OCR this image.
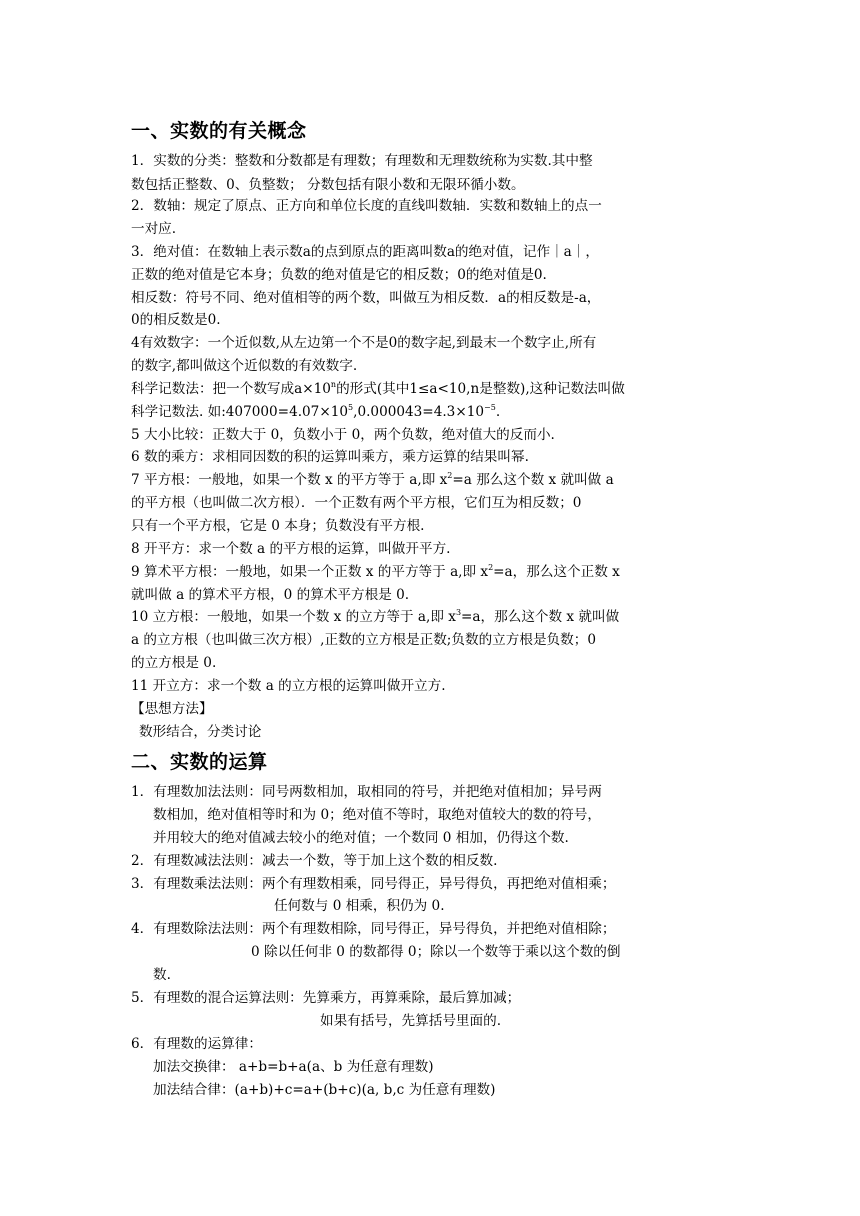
一、实数的有关概念
1．实数的分类：整数和分数都是有理数；有理数和无理数统称为实数.其中整
数包括正整数、0、负整数； 分数包括有限小数和无限环循小数。
2．数轴：规定了原点、正方向和单位长度的直线叫数轴．实数和数轴上的点一
一对应.
3．绝对值：在数轴上表示数a的点到原点的距离叫数a的绝对值，记作｜a｜，
正数的绝对值是它本身；负数的绝对值是它的相反数；0的绝对值是0.
相反数：符号不同、绝对值相等的两个数，叫做互为相反数．a的相反数是-a，
0的相反数是0.
4有效数字：一个近似数,从左边第一个不是0的数字起,到最末一个数字止,所有
的数字,都叫做这个近似数的有效数字.
科学记数法：把一个数写成$a\times 10^n$的形式(其中1≤a<10,n是整数),这种记数法叫做
科学记数法. 如$:407000=4.07\times 10^5,0.000043=4.3\times 10^{-5}$.
5 大小比较：正数大于 0，负数小于 0，两个负数，绝对值大的反而小.
6 数的乘方：求相同因数的积的运算叫乘方，乘方运算的结果叫幂.
7 平方根：一般地，如果一个数 x 的平方等于 a,即 $x^2=a$ 那么这个数 x 就叫做 a
的平方根（也叫做二次方根）．一个正数有两个平方根，它们互为相反数；0
只有一个平方根，它是 0 本身；负数没有平方根.
8 开平方：求一个数 a 的平方根的运算，叫做开平方.
9 算术平方根：一般地，如果一个正数 x 的平方等于 a,即 $x^2=a$，那么这个正数 x
就叫做 a 的算术平方根，0 的算术平方根是 0.
10 立方根：一般地，如果一个数 x 的立方等于 a,即 $x^3=a$，那么这个数 x 就叫做
a 的立方根（也叫做三次方根）,正数的立方根是正数;负数的立方根是负数；0
的立方根是 0.
11 开立方：求一个数 a 的立方根的运算叫做开立方.
【思想方法】
数形结合，分类讨论
二、实数的运算
1．有理数加法法则：同号两数相加，取相同的符号，并把绝对值相加；异号两
数相加，绝对值相等时和为 0；绝对值不等时，取绝对值较大的数的符号，
并用较大的绝对值减去较小的绝对值；一个数同 0 相加，仍得这个数.
2．有理数减法法则：减去一个数，等于加上这个数的相反数.
3．有理数乘法法则：两个有理数相乘，同号得正，异号得负，再把绝对值相乘；
任何数与 0 相乘，积仍为 0.
4．有理数除法法则：两个有理数相除，同号得正，异号得负，并把绝对值相除；
0 除以任何非 0 的数都得 0；除以一个数等于乘以这个数的倒
数.
5．有理数的混合运算法则：先算乘方，再算乘除，最后算加减；
如果有括号，先算括号里面的.
6．有理数的运算律：
加法交换律： a+b=b+a(a、b 为任意有理数)
加法结合律：(a+b)+c=a+(b+c)(a, b,c 为任意有理数)
